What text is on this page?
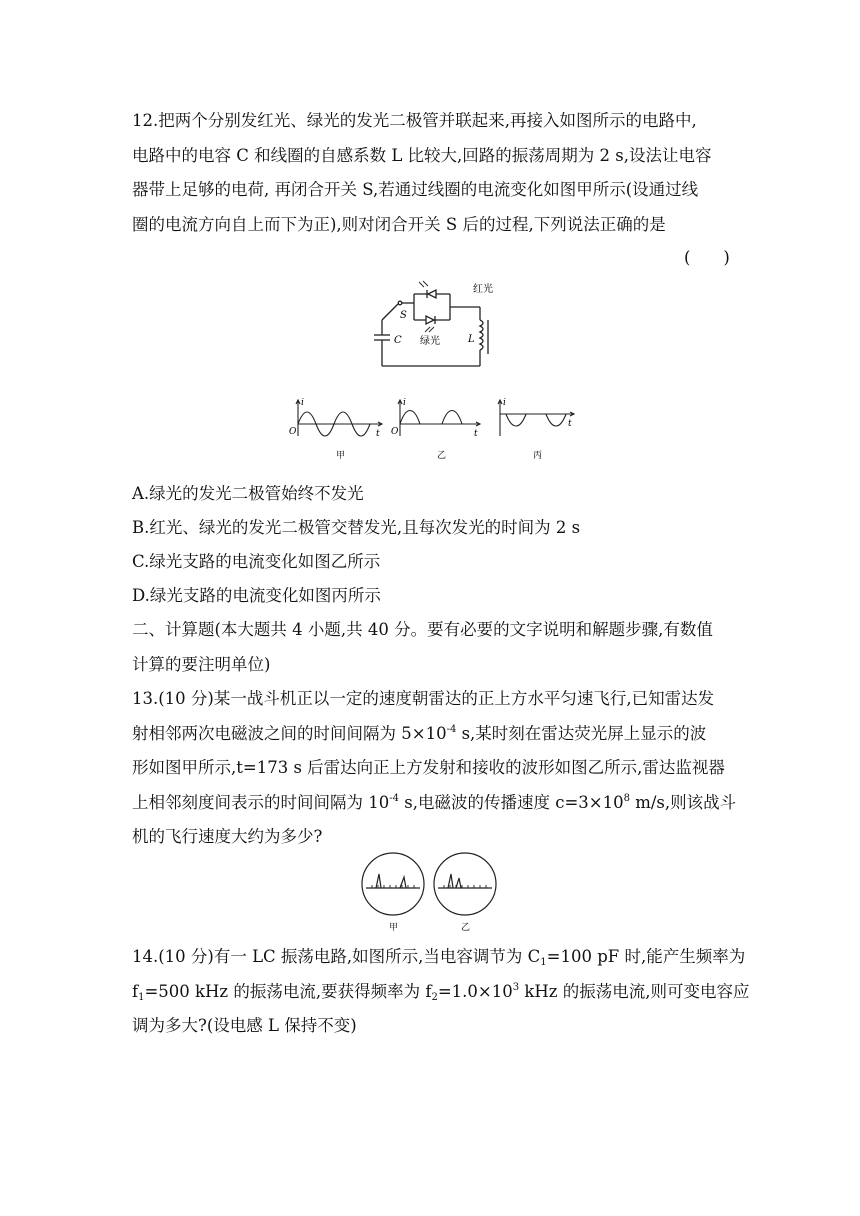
12.把两个分别发红光、绿光的发光二极管并联起来,再接入如图所示的电路中,
电路中的电容 C 和线圈的自感系数 L 比较大,回路的振荡周期为 2 s,设法让电容
器带上足够的电荷, 再闭合开关 S,若通过线圈的电流变化如图甲所示(设通过线
圈的电流方向自上而下为正),则对闭合开关 S 后的过程,下列说法正确的是
(　　)
红光
绿光
S
C	L
i
O	t
甲
i
O	t
乙
i
t
丙
A.绿光的发光二极管始终不发光
B.红光、绿光的发光二极管交替发光,且每次发光的时间为 2 s
C.绿光支路的电流变化如图乙所示
D.绿光支路的电流变化如图丙所示
二、计算题(本大题共 4 小题,共 40 分。要有必要的文字说明和解题步骤,有数值
计算的要注明单位)
13.(10 分)某一战斗机正以一定的速度朝雷达的正上方水平匀速飞行,已知雷达发
射相邻两次电磁波之间的时间间隔为 $5\times 10^{-4}$ s,某时刻在雷达荧光屏上显示的波
形如图甲所示,t=173 s 后雷达向正上方发射和接收的波形如图乙所示,雷达监视器
上相邻刻度间表示的时间间隔为 $10^{-4}$ s,电磁波的传播速度 $c=3\times 10^8$ m/s,则该战斗
机的飞行速度大约为多少?
甲	乙
14.(10 分)有一 LC 振荡电路,如图所示,当电容调节为 $C_1=100$ pF 时,能产生频率为
$f_1=500$ kHz 的振荡电流,要获得频率为 $f_2=1.0\times 10^3$ kHz 的振荡电流,则可变电容应
调为多大?(设电感 L 保持不变)
